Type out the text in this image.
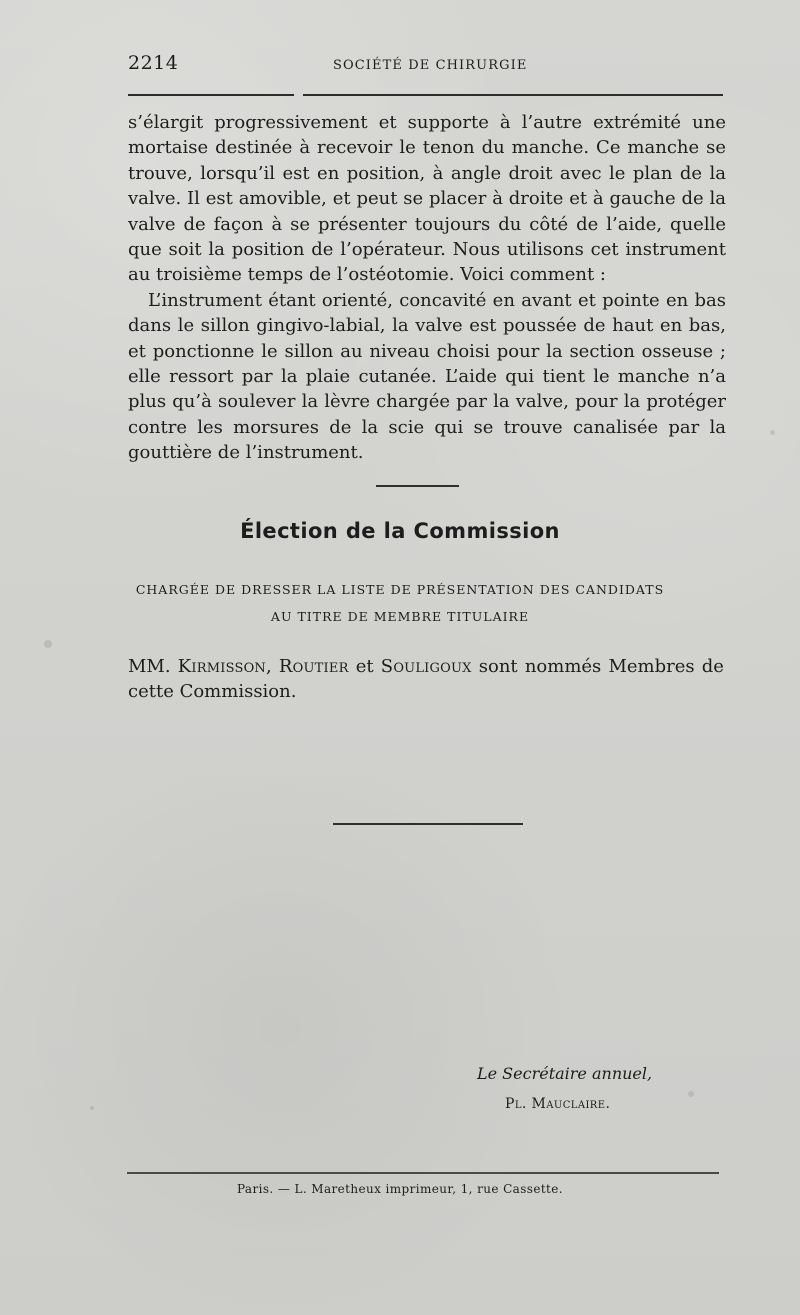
2214	SOCIÉTÉ DE CHIRURGIE

s’élargit progressivement et supporte à l’autre extrémité une mortaise destinée à recevoir le tenon du manche. Ce manche se trouve, lorsqu’il est en position, à angle droit avec le plan de la valve. Il est amovible, et peut se placer à droite et à gauche de la valve de façon à se présenter toujours du côté de l’aide, quelle que soit la position de l’opérateur. Nous utilisons cet instrument au troisième temps de l’ostéotomie. Voici comment :

L’instrument étant orienté, concavité en avant et pointe en bas dans le sillon gingivo-labial, la valve est poussée de haut en bas, et ponctionne le sillon au niveau choisi pour la section osseuse ; elle ressort par la plaie cutanée. L’aide qui tient le manche n’a plus qu’à soulever la lèvre chargée par la valve, pour la protéger contre les morsures de la scie qui se trouve canalisée par la gouttière de l’instrument.

Élection de la Commission
CHARGÉE DE DRESSER LA LISTE DE PRÉSENTATION DES CANDIDATS
AU TITRE DE MEMBRE TITULAIRE
MM. Kirmisson, Routier et Souligoux sont nommés Membres de cette Commission.
Le Secrétaire annuel,
Pl. Mauclaire.
Paris. — L. Maretheux imprimeur, 1, rue Cassette.
